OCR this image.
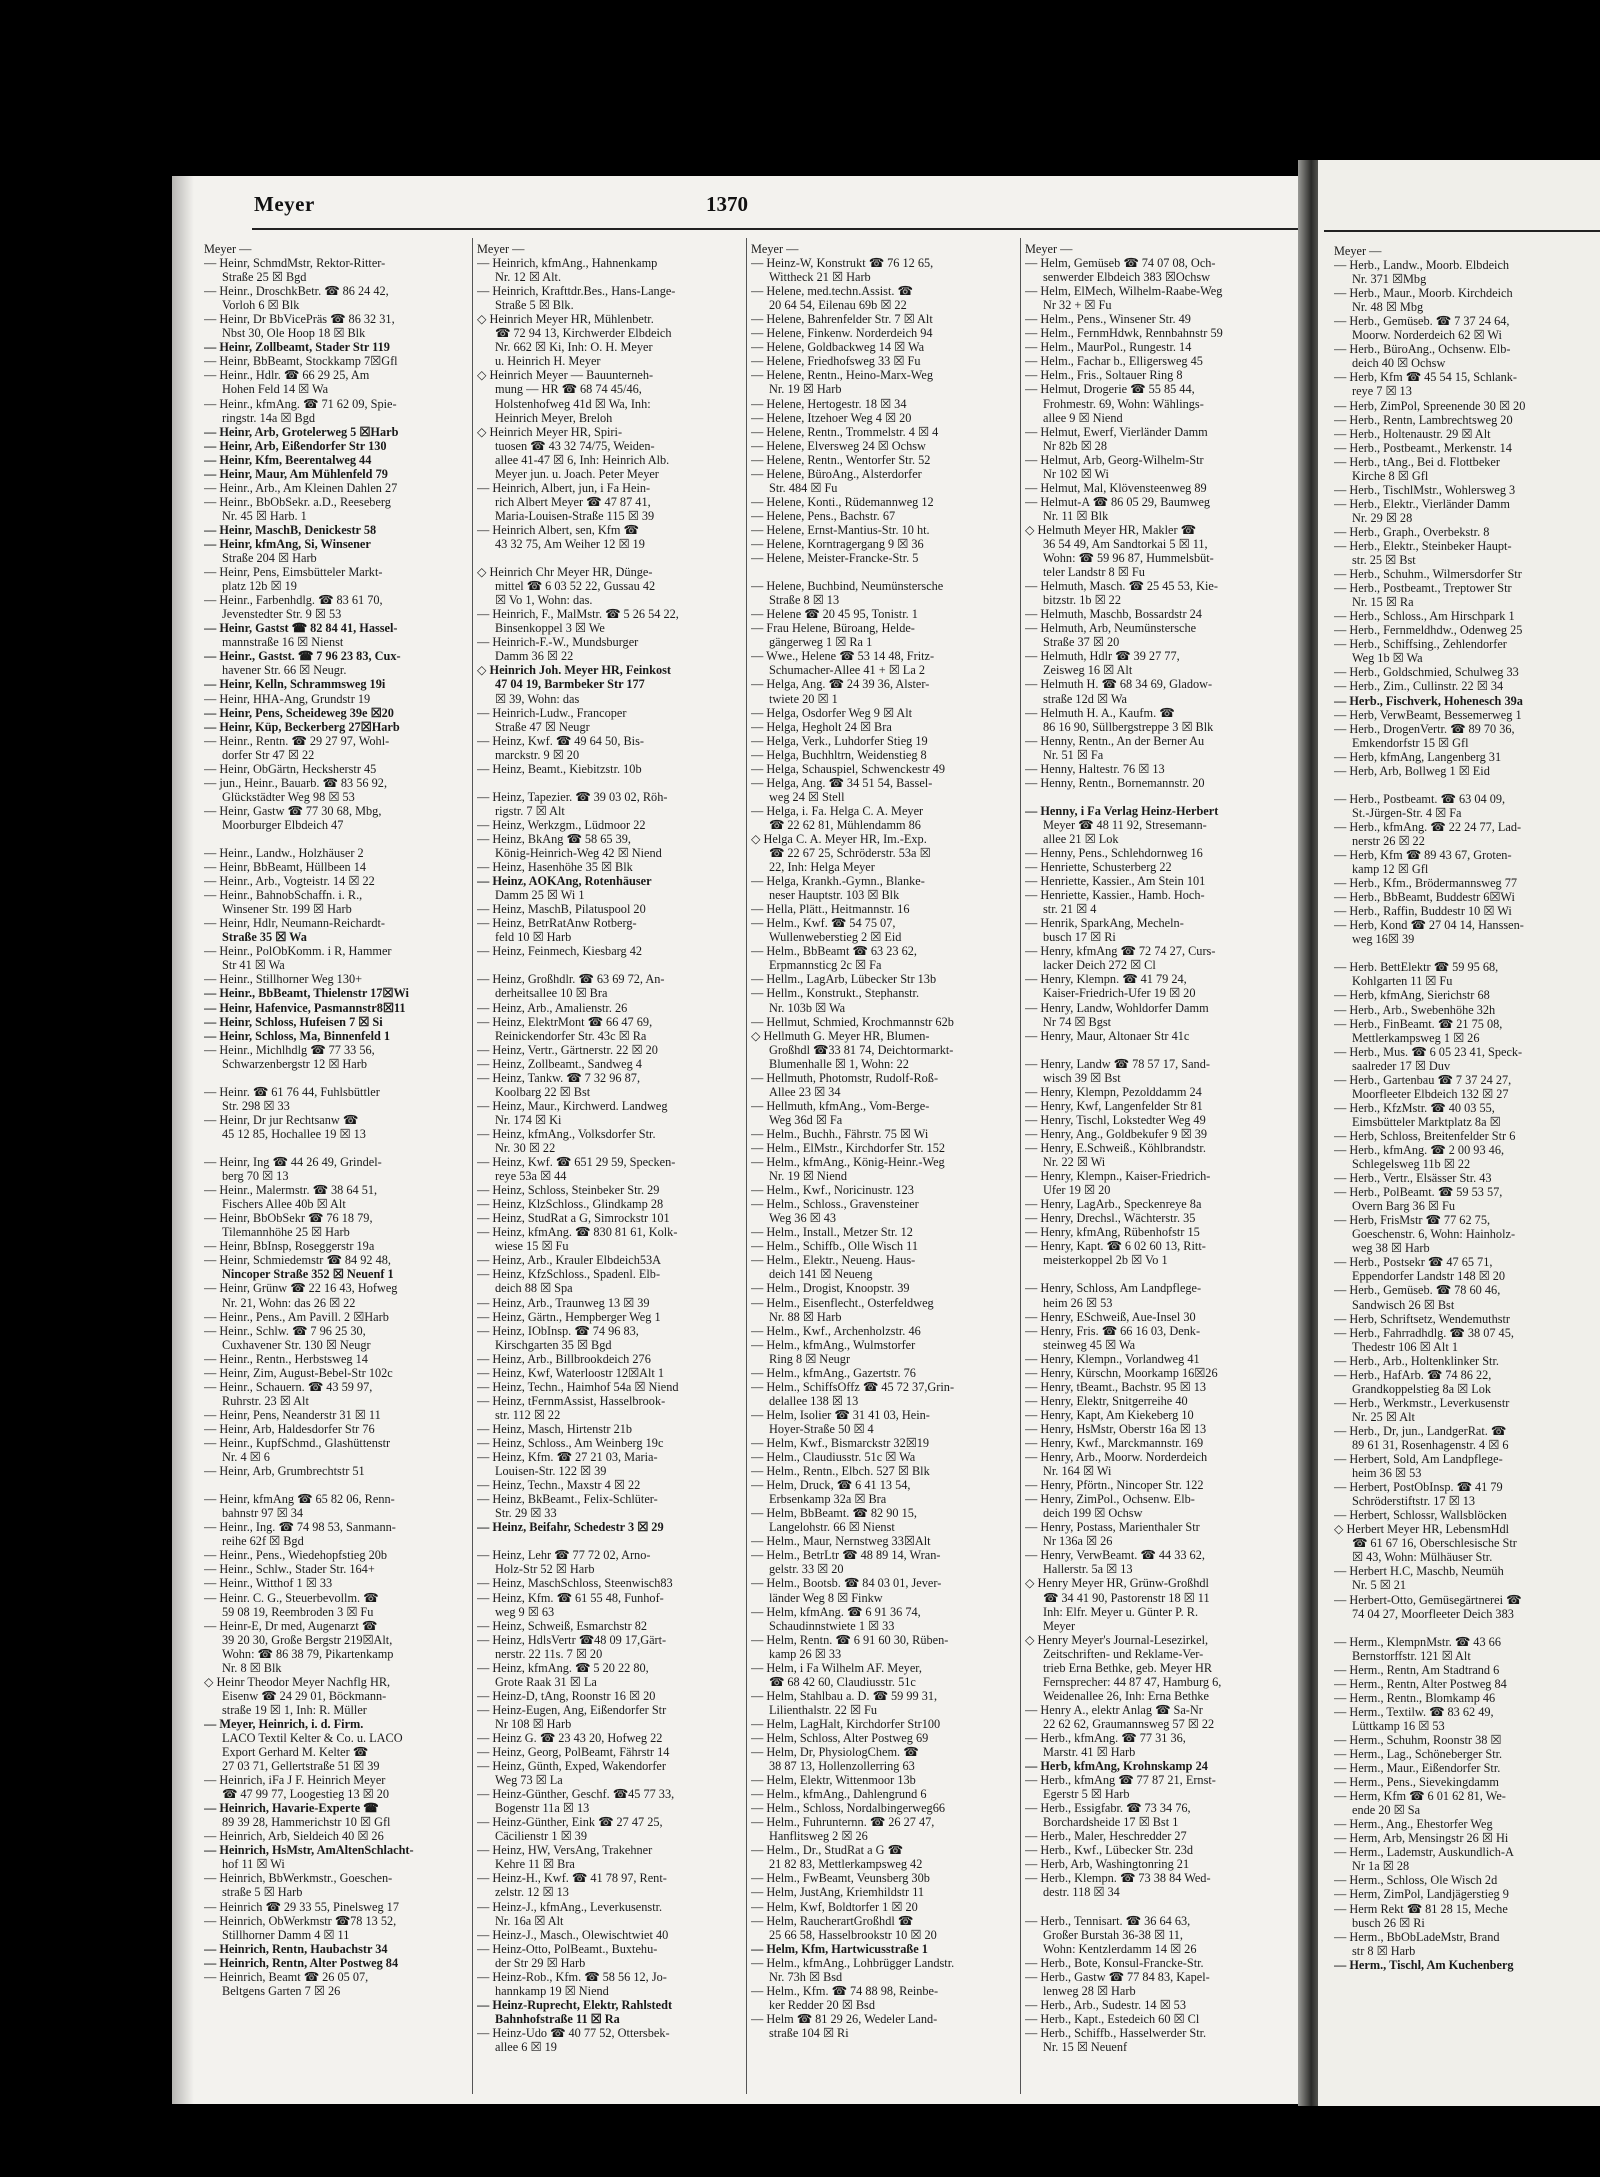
Meyer	1370
Meyer —
— Heinr, SchmdMstr, Rektor-Ritter-
Straße 25 ☒ Bgd
— Heinr., DroschkBetr. ☎ 86 24 42,
Vorloh 6 ☒ Blk
— Heinr, Dr BbVicePräs ☎ 86 32 31,
Nbst 30, Ole Hoop 18 ☒ Blk
— Heinr, Zollbeamt, Stader Str 119
— Heinr, BbBeamt, Stockkamp 7☒Gfl
— Heinr., Hdlr. ☎ 66 29 25, Am
Hohen Feld 14 ☒ Wa
— Heinr., kfmAng. ☎ 71 62 09, Spie-
ringstr. 14a ☒ Bgd
— Heinr, Arb, Grotelerweg 5 ☒Harb
— Heinr, Arb, Eißendorfer Str 130
— Heinr, Kfm, Beerentalweg 44
— Heinr, Maur, Am Mühlenfeld 79
— Heinr., Arb., Am Kleinen Dahlen 27
— Heinr., BbObSekr. a.D., Reeseberg
Nr. 45 ☒ Harb. 1
— Heinr, MaschB, Denickestr 58
— Heinr, kfmAng, Si, Winsener
Straße 204 ☒ Harb
— Heinr, Pens, Eimsbütteler Markt-
platz 12b ☒ 19
— Heinr., Farbenhdlg. ☎ 83 61 70,
Jevenstedter Str. 9 ☒ 53
— Heinr, Gastst ☎ 82 84 41, Hassel-
mannstraße 16 ☒ Nienst
— Heinr., Gastst. ☎ 7 96 23 83, Cux-
havener Str. 66 ☒ Neugr.
— Heinr, Kelln, Schrammsweg 19i
— Heinr, HHA-Ang, Grundstr 19
— Heinr, Pens, Scheideweg 39e ☒20
— Heinr, Küp, Beckerberg 27☒Harb
— Heinr., Rentn. ☎ 29 27 97, Wohl-
dorfer Str 47 ☒ 22
— Heinr, ObGärtn, Hecksherstr 45
— jun., Heinr., Bauarb. ☎ 83 56 92,
Glückstädter Weg 98 ☒ 53
— Heinr, Gastw ☎ 77 30 68, Mbg,
Moorburger Elbdeich 47
— Heinr., Landw., Holzhäuser 2
— Heinr, BbBeamt, Hüllbeen 14
— Heinr., Arb., Vogteistr. 14 ☒ 22
— Heinr., BahnobSchaffn. i. R.,
Winsener Str. 199 ☒ Harb
— Heinr, Hdlr, Neumann-Reichardt-
Straße 35 ☒ Wa
— Heinr., PolObKomm. i R, Hammer
Str 41 ☒ Wa
— Heinr., Stillhorner Weg 130+
— Heinr., BbBeamt, Thielenstr 17☒Wi
— Heinr, Hafenvice, Pasmannstr8☒11
— Heinr, Schloss, Hufeisen 7 ☒ Si
— Heinr, Schloss, Ma, Binnenfeld 1
— Heinr., Michlhdlg ☎ 77 33 56,
Schwarzenbergstr 12 ☒ Harb
— Heinr. ☎ 61 76 44, Fuhlsbüttler
Str. 298 ☒ 33
— Heinr, Dr jur Rechtsanw ☎
45 12 85, Hochallee 19 ☒ 13
— Heinr, Ing ☎ 44 26 49, Grindel-
berg 70 ☒ 13
— Heinr., Malermstr. ☎ 38 64 51,
Fischers Allee 40b ☒ Alt
— Heinr, BbObSekr ☎ 76 18 79,
Tilemannhöhe 25 ☒ Harb
— Heinr, BbInsp, Roseggerstr 19a
— Heinr, Schmiedemstr ☎ 84 92 48,
Nincoper Straße 352 ☒ Neuenf 1
— Heinr, Grünw ☎ 22 16 43, Hofweg
Nr. 21, Wohn: das 26 ☒ 22
— Heinr., Pens., Am Pavill. 2 ☒Harb
— Heinr., Schlw. ☎ 7 96 25 30,
Cuxhavener Str. 130 ☒ Neugr
— Heinr., Rentn., Herbstsweg 14
— Heinr, Zim, August-Bebel-Str 102c
— Heinr., Schauern. ☎ 43 59 97,
Ruhrstr. 23 ☒ Alt
— Heinr, Pens, Neanderstr 31 ☒ 11
— Heinr, Arb, Haldesdorfer Str 76
— Heinr., KupfSchmd., Glashüttenstr
Nr. 4 ☒ 6
— Heinr, Arb, Grumbrechtstr 51
— Heinr, kfmAng ☎ 65 82 06, Renn-
bahnstr 97 ☒ 34
— Heinr., Ing. ☎ 74 98 53, Sanmann-
reihe 62f ☒ Bgd
— Heinr., Pens., Wiedehopfstieg 20b
— Heinr., Schlw., Stader Str. 164+
— Heinr., Witthof 1 ☒ 33
— Heinr. C. G., Steuerbevollm. ☎
59 08 19, Reembroden 3 ☒ Fu
— Heinr-E, Dr med, Augenarzt ☎
39 20 30, Große Bergstr 219☒Alt,
Wohn: ☎ 86 38 79, Pikartenkamp
Nr. 8 ☒ Blk
◇ Heinr Theodor Meyer Nachflg HR,
Eisenw ☎ 24 29 01, Böckmann-
straße 19 ☒ 1, Inh: R. Müller
— Meyer, Heinrich, i. d. Firm.
LACO Textil Kelter & Co. u. LACO
Export Gerhard M. Kelter ☎
27 03 71, Gellertstraße 51 ☒ 39
— Heinrich, iFa J F. Heinrich Meyer
☎ 47 99 77, Loogestieg 13 ☒ 20
— Heinrich, Havarie-Experte ☎
89 39 28, Hammerichstr 10 ☒ Gfl
— Heinrich, Arb, Sieldeich 40 ☒ 26
— Heinrich, HsMstr, AmAltenSchlacht-
hof 11 ☒ Wi
— Heinrich, BbWerkmstr., Goeschen-
straße 5 ☒ Harb
— Heinrich ☎ 29 33 55, Pinelsweg 17
— Heinrich, ObWerkmstr ☎78 13 52,
Stillhorner Damm 4 ☒ 11
— Heinrich, Rentn, Haubachstr 34
— Heinrich, Rentn, Alter Postweg 84
— Heinrich, Beamt ☎ 26 05 07,
Beltgens Garten 7 ☒ 26
Meyer —
— Heinrich, kfmAng., Hahnenkamp
Nr. 12 ☒ Alt.
— Heinrich, Krafttdr.Bes., Hans-Lange-
Straße 5 ☒ Blk.
◇ Heinrich Meyer HR, Mühlenbetr.
☎ 72 94 13, Kirchwerder Elbdeich
Nr. 662 ☒ Ki, Inh: O. H. Meyer
u. Heinrich H. Meyer
◇ Heinrich Meyer — Bauunterneh-
mung — HR ☎ 68 74 45/46,
Holstenhofweg 41d ☒ Wa, Inh:
Heinrich Meyer, Breloh
◇ Heinrich Meyer HR, Spiri-
tuosen ☎ 43 32 74/75, Weiden-
allee 41-47 ☒ 6, Inh: Heinrich Alb.
Meyer jun. u. Joach. Peter Meyer
— Heinrich, Albert, jun, i Fa Hein-
rich Albert Meyer ☎ 47 87 41,
Maria-Louisen-Straße 115 ☒ 39
— Heinrich Albert, sen, Kfm ☎
43 32 75, Am Weiher 12 ☒ 19
◇ Heinrich Chr Meyer HR, Dünge-
mittel ☎ 6 03 52 22, Gussau 42
☒ Vo 1, Wohn: das.
— Heinrich, F., MalMstr. ☎ 5 26 54 22,
Binsenkoppel 3 ☒ We
— Heinrich-F.-W., Mundsburger
Damm 36 ☒ 22
◇ Heinrich Joh. Meyer HR, Feinkost
47 04 19, Barmbeker Str 177
☒ 39, Wohn: das
— Heinrich-Ludw., Francoper
Straße 47 ☒ Neugr
— Heinz, Kwf. ☎ 49 64 50, Bis-
marckstr. 9 ☒ 20
— Heinz, Beamt., Kiebitzstr. 10b
— Heinz, Tapezier. ☎ 39 03 02, Röh-
rigstr. 7 ☒ Alt
— Heinz, Werkzgm., Lüdmoor 22
— Heinz, BkAng ☎ 58 65 39,
König-Heinrich-Weg 42 ☒ Niend
— Heinz, Hasenhöhe 35 ☒ Blk
— Heinz, AOKAng, Rotenhäuser
Damm 25 ☒ Wi 1
— Heinz, MaschB, Pilatuspool 20
— Heinz, BetrRatAnw Rotberg-
feld 10 ☒ Harb
— Heinz, Feinmech, Kiesbarg 42
— Heinz, Großhdlr. ☎ 63 69 72, An-
derheitsallee 10 ☒ Bra
— Heinz, Arb., Amalienstr. 26
— Heinz, ElektrMont ☎ 66 47 69,
Reinickendorfer Str. 43c ☒ Ra
— Heinz, Vertr., Gärtnerstr. 22 ☒ 20
— Heinz, Zollbeamt., Sandweg 4
— Heinz, Tankw. ☎ 7 32 96 87,
Koolbarg 22 ☒ Bst
— Heinz, Maur., Kirchwerd. Landweg
Nr. 174 ☒ Ki
— Heinz, kfmAng., Volksdorfer Str.
Nr. 30 ☒ 22
— Heinz, Kwf. ☎ 651 29 59, Specken-
reye 53a ☒ 44
— Heinz, Schloss, Steinbeker Str. 29
— Heinz, KlzSchloss., Glindkamp 28
— Heinz, StudRat a G, Simrockstr 101
— Heinz, kfmAng. ☎ 830 81 61, Kolk-
wiese 15 ☒ Fu
— Heinz, Arb., Krauler Elbdeich53A
— Heinz, KfzSchloss., Spadenl. Elb-
deich 88 ☒ Spa
— Heinz, Arb., Traunweg 13 ☒ 39
— Heinz, Gärtn., Hempberger Weg 1
— Heinz, IObInsp. ☎ 74 96 83,
Kirschgarten 35 ☒ Bgd
— Heinz, Arb., Billbrookdeich 276
— Heinz, Kwf, Waterloostr 12☒Alt 1
— Heinz, Techn., Haimhof 54a ☒ Niend
— Heinz, tFernmAssist, Hasselbrook-
str. 112 ☒ 22
— Heinz, Masch, Hirtenstr 21b
— Heinz, Schloss., Am Weinberg 19c
— Heinz, Kfm. ☎ 27 21 03, Maria-
Louisen-Str. 122 ☒ 39
— Heinz, Techn., Maxstr 4 ☒ 22
— Heinz, BkBeamt., Felix-Schlüter-
Str. 29 ☒ 33
— Heinz, Beifahr, Schedestr 3 ☒ 29
— Heinz, Lehr ☎ 77 72 02, Arno-
Holz-Str 52 ☒ Harb
— Heinz, MaschSchloss, Steenwisch83
— Heinz, Kfm. ☎ 61 55 48, Funhof-
weg 9 ☒ 63
— Heinz, Schweiß, Esmarchstr 82
— Heinz, HdlsVertr ☎48 09 17,Gärt-
nerstr. 22 11s. 7 ☒ 20
— Heinz, kfmAng. ☎ 5 20 22 80,
Grote Raak 31 ☒ La
— Heinz-D, tAng, Roonstr 16 ☒ 20
— Heinz-Eugen, Ang, Eißendorfer Str
Nr 108 ☒ Harb
— Heinz G. ☎ 23 43 20, Hofweg 22
— Heinz, Georg, PolBeamt, Fährstr 14
— Heinz, Günth, Exped, Wakendorfer
Weg 73 ☒ La
— Heinz-Günther, Geschf. ☎45 77 33,
Bogenstr 11a ☒ 13
— Heinz-Günther, Eink ☎ 27 47 25,
Cäcilienstr 1 ☒ 39
— Heinz, HW, VersAng, Trakehner
Kehre 11 ☒ Bra
— Heinz-H., Kwf. ☎ 41 78 97, Rent-
zelstr. 12 ☒ 13
— Heinz-J., kfmAng., Leverkusenstr.
Nr. 16a ☒ Alt
— Heinz-J., Masch., Olewischtwiet 40
— Heinz-Otto, PolBeamt., Buxtehu-
der Str 29 ☒ Harb
— Heinz-Rob., Kfm. ☎ 58 56 12, Jo-
hannkamp 19 ☒ Niend
— Heinz-Ruprecht, Elektr, Rahlstedt
Bahnhofstraße 11 ☒ Ra
— Heinz-Udo ☎ 40 77 52, Ottersbek-
allee 6 ☒ 19
Meyer —
— Heinz-W, Konstrukt ☎ 76 12 65,
Wittheck 21 ☒ Harb
— Helene, med.techn.Assist. ☎
20 64 54, Eilenau 69b ☒ 22
— Helene, Bahrenfelder Str. 7 ☒ Alt
— Helene, Finkenw. Norderdeich 94
— Helene, Goldbackweg 14 ☒ Wa
— Helene, Friedhofsweg 33 ☒ Fu
— Helene, Rentn., Heino-Marx-Weg
Nr. 19 ☒ Harb
— Helene, Hertogestr. 18 ☒ 34
— Helene, Itzehoer Weg 4 ☒ 20
— Helene, Rentn., Trommelstr. 4 ☒ 4
— Helene, Elversweg 24 ☒ Ochsw
— Helene, Rentn., Wentorfer Str. 52
— Helene, BüroAng., Alsterdorfer
Str. 484 ☒ Fu
— Helene, Konti., Rüdemannweg 12
— Helene, Pens., Bachstr. 67
— Helene, Ernst-Mantius-Str. 10 ht.
— Helene, Korntragergang 9 ☒ 36
— Helene, Meister-Francke-Str. 5
— Helene, Buchbind, Neumünstersche
Straße 8 ☒ 13
— Helene ☎ 20 45 95, Tonistr. 1
— Frau Helene, Büroang, Helde-
gängerweg 1 ☒ Ra 1
— Wwe., Helene ☎ 53 14 48, Fritz-
Schumacher-Allee 41 + ☒ La 2
— Helga, Ang. ☎ 24 39 36, Alster-
twiete 20 ☒ 1
— Helga, Osdorfer Weg 9 ☒ Alt
— Helga, Hegholt 24 ☒ Bra
— Helga, Verk., Luhdorfer Stieg 19
— Helga, Buchhltrn, Weidenstieg 8
— Helga, Schauspiel, Schwenckestr 49
— Helga, Ang. ☎ 34 51 54, Bassel-
weg 24 ☒ Stell
— Helga, i. Fa. Helga C. A. Meyer
☎ 22 62 81, Mühlendamm 86
◇ Helga C. A. Meyer HR, Im.-Exp.
☎ 22 67 25, Schröderstr. 53a ☒
22, Inh: Helga Meyer
— Helga, Krankh.-Gymn., Blanke-
neser Hauptstr. 103 ☒ Blk
— Hella, Plätt., Heitmannstr. 16
— Helm., Kwf. ☎ 54 75 07,
Wullenweberstieg 2 ☒ Eid
— Helm., BbBeamt ☎ 63 23 62,
Erpmannsticg 2c ☒ Fa
— Hellm., LagArb, Lübecker Str 13b
— Hellm., Konstrukt., Stephanstr.
Nr. 103b ☒ Wa
— Hellmut, Schmied, Krochmannstr 62b
◇ Hellmuth G. Meyer HR, Blumen-
Großhdl ☎33 81 74, Deichtormarkt-
Blumenhalle ☒ 1, Wohn: 22
— Hellmuth, Photomstr, Rudolf-Roß-
Allee 23 ☒ 34
— Hellmuth, kfmAng., Vom-Berge-
Weg 36d ☒ Fa
— Helm., Buchh., Fährstr. 75 ☒ Wi
— Helm., ElMstr., Kirchdorfer Str. 152
— Helm., kfmAng., König-Heinr.-Weg
Nr. 19 ☒ Niend
— Helm., Kwf., Noricinustr. 123
— Helm., Schloss., Gravensteiner
Weg 36 ☒ 43
— Helm., Install., Metzer Str. 12
— Helm., Schiffb., Olle Wisch 11
— Helm., Elektr., Neueng. Haus-
deich 141 ☒ Neueng
— Helm., Drogist, Knoopstr. 39
— Helm., Eisenflecht., Osterfeldweg
Nr. 88 ☒ Harb
— Helm., Kwf., Archenholzstr. 46
— Helm., kfmAng., Wulmstorfer
Ring 8 ☒ Neugr
— Helm., kfmAng., Gazertstr. 76
— Helm., SchiffsOffz ☎ 45 72 37,Grin-
delallee 138 ☒ 13
— Helm, Isolier ☎ 31 41 03, Hein-
Hoyer-Straße 50 ☒ 4
— Helm, Kwf., Bismarckstr 32☒19
— Helm., Claudiusstr. 51c ☒ Wa
— Helm., Rentn., Elbch. 527 ☒ Blk
— Helm, Druck, ☎ 6 41 13 54,
Erbsenkamp 32a ☒ Bra
— Helm, BbBeamt. ☎ 82 90 15,
Langelohstr. 66 ☒ Nienst
— Helm., Maur, Nernstweg 33☒Alt
— Helm., BetrLtr ☎ 48 89 14, Wran-
gelstr. 33 ☒ 20
— Helm., Bootsb. ☎ 84 03 01, Jever-
länder Weg 8 ☒ Finkw
— Helm, kfmAng. ☎ 6 91 36 74,
Schaudinnstwiete 1 ☒ 33
— Helm, Rentn. ☎ 6 91 60 30, Rüben-
kamp 26 ☒ 33
— Helm, i Fa Wilhelm AF. Meyer,
☎ 68 42 60, Claudiusstr. 51c
— Helm, Stahlbau a. D. ☎ 59 99 31,
Lilienthalstr. 22 ☒ Fu
— Helm, LagHalt, Kirchdorfer Str100
— Helm, Schloss, Alter Postweg 69
— Helm, Dr, PhysiologChem. ☎
38 87 13, Hollenzollerring 63
— Helm, Elektr, Wittenmoor 13b
— Helm., kfmAng., Dahlengrund 6
— Helm., Schloss, Nordalbingerweg66
— Helm., Fuhrunternn. ☎ 26 27 47,
Hanflitsweg 2 ☒ 26
— Helm., Dr., StudRat a G ☎
21 82 83, Mettlerkampsweg 42
— Helm., FwBeamt, Veunsberg 30b
— Helm, JustAng, Kriemhildstr 11
— Helm, Kwf, Boldtorfer 1 ☒ 20
— Helm, RaucherartGroßhdl ☎
25 66 58, Hasselbrookstr 10 ☒ 20
— Helm, Kfm, Hartwicusstraße 1
— Helm., kfmAng., Lohbrügger Landstr.
Nr. 73h ☒ Bsd
— Helm., Kfm. ☎ 74 88 98, Reinbe-
ker Redder 20 ☒ Bsd
— Helm ☎ 81 29 26, Wedeler Land-
straße 104 ☒ Ri
Meyer —
— Helm, Gemüseb ☎ 74 07 08, Och-
senwerder Elbdeich 383 ☒Ochsw
— Helm, ElMech, Wilhelm-Raabe-Weg
Nr 32 + ☒ Fu
— Helm., Pens., Winsener Str. 49
— Helm., FernmHdwk, Rennbahnstr 59
— Helm., MaurPol., Rungestr. 14
— Helm., Fachar b., Elligersweg 45
— Helm., Fris., Soltauer Ring 8
— Helmut, Drogerie ☎ 55 85 44,
Frohmestr. 69, Wohn: Wählings-
allee 9 ☒ Niend
— Helmut, Ewerf, Vierländer Damm
Nr 82b ☒ 28
— Helmut, Arb, Georg-Wilhelm-Str
Nr 102 ☒ Wi
— Helmut, Mal, Klövensteenweg 89
— Helmut-A ☎ 86 05 29, Baumweg
Nr. 11 ☒ Blk
◇ Helmuth Meyer HR, Makler ☎
36 54 49, Am Sandtorkai 5 ☒ 11,
Wohn: ☎ 59 96 87, Hummelsbüt-
teler Landstr 8 ☒ Fu
— Helmuth, Masch. ☎ 25 45 53, Kie-
bitzstr. 1b ☒ 22
— Helmuth, Maschb, Bossardstr 24
— Helmuth, Arb, Neumünstersche
Straße 37 ☒ 20
— Helmuth, Hdlr ☎ 39 27 77,
Zeisweg 16 ☒ Alt
— Helmuth H. ☎ 68 34 69, Gladow-
straße 12d ☒ Wa
— Helmuth H. A., Kaufm. ☎
86 16 90, Süllbergstreppe 3 ☒ Blk
— Henny, Rentn., An der Berner Au
Nr. 51 ☒ Fa
— Henny, Haltestr. 76 ☒ 13
— Henny, Rentn., Bornemannstr. 20
— Henny, i Fa Verlag Heinz-Herbert
Meyer ☎ 48 11 92, Stresemann-
allee 21 ☒ Lok
— Henny, Pens., Schlehdornweg 16
— Henriette, Schusterberg 22
— Henriette, Kassier., Am Stein 101
— Henriette, Kassier., Hamb. Hoch-
str. 21 ☒ 4
— Henrik, SparkAng, Mecheln-
busch 17 ☒ Ri
— Henry, kfmAng ☎ 72 74 27, Curs-
lacker Deich 272 ☒ Cl
— Henry, Klempn. ☎ 41 79 24,
Kaiser-Friedrich-Ufer 19 ☒ 20
— Henry, Landw, Wohldorfer Damm
Nr 74 ☒ Bgst
— Henry, Maur, Altonaer Str 41c
— Henry, Landw ☎ 78 57 17, Sand-
wisch 39 ☒ Bst
— Henry, Klempn, Pezolddamm 24
— Henry, Kwf, Langenfelder Str 81
— Henry, Tischl, Lokstedter Weg 49
— Henry, Ang., Goldbekufer 9 ☒ 39
— Henry, E.Schweiß., Köhlbrandstr.
Nr. 22 ☒ Wi
— Henry, Klempn., Kaiser-Friedrich-
Ufer 19 ☒ 20
— Henry, LagArb., Speckenreye 8a
— Henry, Drechsl., Wächterstr. 35
— Henry, kfmAng, Rübenhofstr 15
— Henry, Kapt. ☎ 6 02 60 13, Ritt-
meisterkoppel 2b ☒ Vo 1
— Henry, Schloss, Am Landpflege-
heim 26 ☒ 53
— Henry, ESchweiß, Aue-Insel 30
— Henry, Fris. ☎ 66 16 03, Denk-
steinweg 45 ☒ Wa
— Henry, Klempn., Vorlandweg 41
— Henry, Kürschn, Moorkamp 16☒26
— Henry, tBeamt., Bachstr. 95 ☒ 13
— Henry, Elektr, Snitgerreihe 40
— Henry, Kapt, Am Kiekeberg 10
— Henry, HsMstr, Oberstr 16a ☒ 13
— Henry, Kwf., Marckmannstr. 169
— Henry, Arb., Moorw. Norderdeich
Nr. 164 ☒ Wi
— Henry, Pförtn., Nincoper Str. 122
— Henry, ZimPol., Ochsenw. Elb-
deich 199 ☒ Ochsw
— Henry, Postass, Marienthaler Str
Nr 136a ☒ 26
— Henry, VerwBeamt. ☎ 44 33 62,
Hallerstr. 5a ☒ 13
◇ Henry Meyer HR, Grünw-Großhdl
☎ 34 41 90, Pastorenstr 18 ☒ 11
Inh: Elfr. Meyer u. Günter P. R.
Meyer
◇ Henry Meyer's Journal-Lesezirkel,
Zeitschriften- und Reklame-Ver-
trieb Erna Bethke, geb. Meyer HR
Fernsprecher: 44 87 47, Hamburg 6,
Weidenallee 26, Inh: Erna Bethke
— Henry A., elektr Anlag ☎ Sa-Nr
22 62 62, Graumannsweg 57 ☒ 22
— Herb., kfmAng. ☎ 77 31 36,
Marstr. 41 ☒ Harb
— Herb, kfmAng, Krohnskamp 24
— Herb., kfmAng ☎ 77 87 21, Ernst-
Egerstr 5 ☒ Harb
— Herb., Essigfabr. ☎ 73 34 76,
Borchardsheide 17 ☒ Bst 1
— Herb., Maler, Heschredder 27
— Herb., Kwf., Lübecker Str. 23d
— Herb, Arb, Washingtonring 21
— Herb., Klempn. ☎ 73 38 84 Wed-
destr. 118 ☒ 34
— Herb., Tennisart. ☎ 36 64 63,
Großer Burstah 36-38 ☒ 11,
Wohn: Kentzlerdamm 14 ☒ 26
— Herb., Bote, Konsul-Francke-Str.
— Herb., Gastw ☎ 77 84 83, Kapel-
lenweg 28 ☒ Harb
— Herb., Arb., Sudestr. 14 ☒ 53
— Herb., Kapt., Estedeich 60 ☒ Cl
— Herb., Schiffb., Hasselwerder Str.
Nr. 15 ☒ Neuenf
Meyer —
— Herb., Landw., Moorb. Elbdeich
Nr. 371 ☒Mbg
— Herb., Maur., Moorb. Kirchdeich
Nr. 48 ☒ Mbg
— Herb., Gemüseb. ☎ 7 37 24 64,
Moorw. Norderdeich 62 ☒ Wi
— Herb., BüroAng., Ochsenw. Elb-
deich 40 ☒ Ochsw
— Herb, Kfm ☎ 45 54 15, Schlank-
reye 7 ☒ 13
— Herb, ZimPol, Spreenende 30 ☒ 20
— Herb., Rentn, Lambrechtsweg 20
— Herb., Holtenaustr. 29 ☒ Alt
— Herb., Postbeamt., Merkenstr. 14
— Herb., tAng., Bei d. Flottbeker
Kirche 8 ☒ Gfl
— Herb., TischlMstr., Wohlersweg 3
— Herb., Elektr., Vierländer Damm
Nr. 29 ☒ 28
— Herb., Graph., Overbekstr. 8
— Herb., Elektr., Steinbeker Haupt-
str. 25 ☒ Bst
— Herb., Schuhm., Wilmersdorfer Str
— Herb., Postbeamt., Treptower Str
Nr. 15 ☒ Ra
— Herb., Schloss., Am Hirschpark 1
— Herb., Fernmeldhdw., Odenweg 25
— Herb., Schiffsing., Zehlendorfer
Weg 1b ☒ Wa
— Herb., Goldschmied, Schulweg 33
— Herb., Zim., Cullinstr. 22 ☒ 34
— Herb., Fischverk, Hohenesch 39a
— Herb, VerwBeamt, Bessemerweg 1
— Herb., DrogenVertr. ☎ 89 70 36,
Emkendorfstr 15 ☒ Gfl
— Herb, kfmAng, Langenberg 31
— Herb, Arb, Bollweg 1 ☒ Eid
— Herb., Postbeamt. ☎ 63 04 09,
St.-Jürgen-Str. 4 ☒ Fa
— Herb., kfmAng. ☎ 22 24 77, Lad-
nerstr 26 ☒ 22
— Herb, Kfm ☎ 89 43 67, Groten-
kamp 12 ☒ Gfl
— Herb., Kfm., Brödermannsweg 77
— Herb., BbBeamt, Buddestr 6☒Wi
— Herb., Raffin, Buddestr 10 ☒ Wi
— Herb, Kond ☎ 27 04 14, Hanssen-
weg 16☒ 39
— Herb. BettElektr ☎ 59 95 68,
Kohlgarten 11 ☒ Fu
— Herb, kfmAng, Sierichstr 68
— Herb., Arb., Swebenhöhe 32h
— Herb., FinBeamt. ☎ 21 75 08,
Mettlerkampsweg 1 ☒ 26
— Herb., Mus. ☎ 6 05 23 41, Speck-
saalreder 17 ☒ Duv
— Herb., Gartenbau ☎ 7 37 24 27,
Moorfleeter Elbdeich 132 ☒ 27
— Herb., KfzMstr. ☎ 40 03 55,
Eimsbütteler Marktplatz 8a ☒
— Herb, Schloss, Breitenfelder Str 6
— Herb., kfmAng. ☎ 2 00 93 46,
Schlegelsweg 11b ☒ 22
— Herb., Vertr., Elsässer Str. 43
— Herb., PolBeamt. ☎ 59 53 57,
Overn Barg 36 ☒ Fu
— Herb, FrisMstr ☎ 77 62 75,
Goeschenstr. 6, Wohn: Hainholz-
weg 38 ☒ Harb
— Herb., Postsekr ☎ 47 65 71,
Eppendorfer Landstr 148 ☒ 20
— Herb., Gemüseb. ☎ 78 60 46,
Sandwisch 26 ☒ Bst
— Herb, Schriftsetz, Wendemuthstr
— Herb., Fahrradhdlg. ☎ 38 07 45,
Thedestr 106 ☒ Alt 1
— Herb., Arb., Holtenklinker Str.
— Herb., HafArb. ☎ 74 86 22,
Grandkoppelstieg 8a ☒ Lok
— Herb., Werkmstr., Leverkusenstr
Nr. 25 ☒ Alt
— Herb., Dr, jun., LandgerRat. ☎
89 61 31, Rosenhagenstr. 4 ☒ 6
— Herbert, Sold, Am Landpflege-
heim 36 ☒ 53
— Herbert, PostObInsp. ☎ 41 79
Schröderstiftstr. 17 ☒ 13
— Herbert, Schlossr, Wallsblöcken
◇ Herbert Meyer HR, LebensmHdl
☎ 61 67 16, Oberschlesische Str
☒ 43, Wohn: Mülhäuser Str.
— Herbert H.C, Maschb, Neumüh
Nr. 5 ☒ 21
— Herbert-Otto, Gemüsegärtnerei ☎
74 04 27, Moorfleeter Deich 383
— Herm., KlempnMstr. ☎ 43 66
Bernstorffstr. 121 ☒ Alt
— Herm., Rentn, Am Stadtrand 6
— Herm., Rentn, Alter Postweg 84
— Herm., Rentn., Blomkamp 46
— Herm., Textilw. ☎ 83 62 49,
Lüttkamp 16 ☒ 53
— Herm., Schuhm, Roonstr 38 ☒
— Herm., Lag., Schöneberger Str.
— Herm., Maur., Eißendorfer Str.
— Herm., Pens., Sievekingdamm
— Herm, Kfm ☎ 6 01 62 81, We-
ende 20 ☒ Sa
— Herm., Ang., Ehestorfer Weg
— Herm, Arb, Mensingstr 26 ☒ Hi
— Herm., Lademstr, Auskundlich-A
Nr 1a ☒ 28
— Herm., Schloss, Ole Wisch 2d
— Herm, ZimPol, Landjägerstieg 9
— Herm Rekt ☎ 81 28 15, Meche
busch 26 ☒ Ri
— Herm., BbObLadeMstr, Brand
str 8 ☒ Harb
— Herm., Tischl, Am Kuchenberg
